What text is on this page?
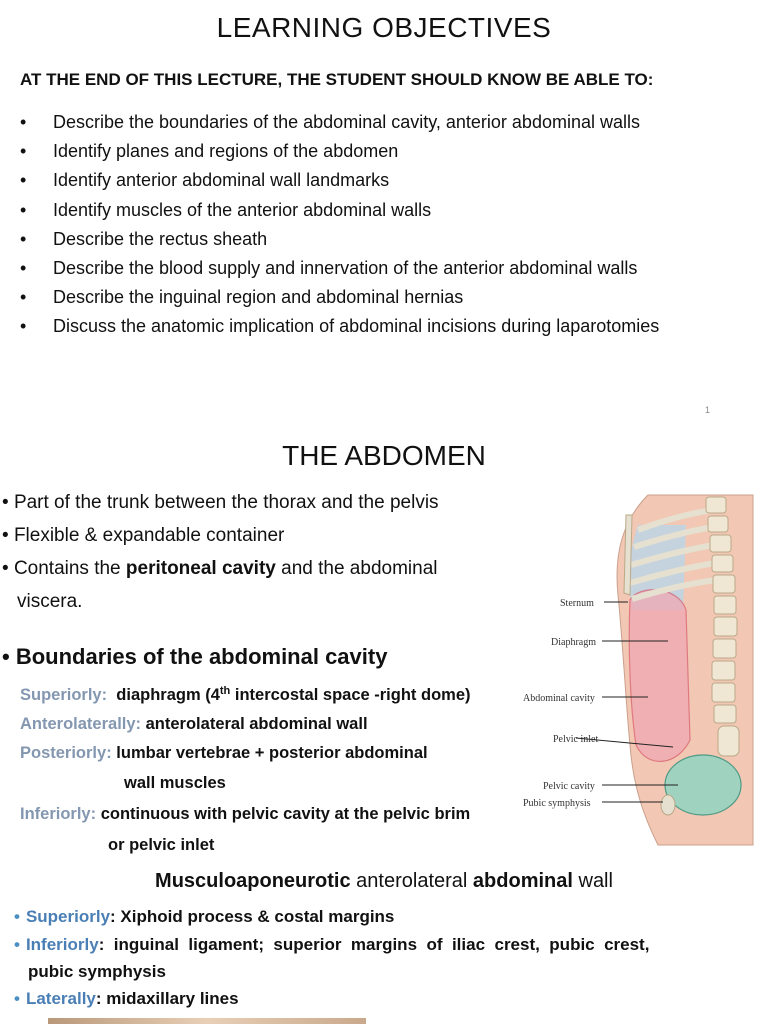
LEARNING OBJECTIVES
AT THE END OF THIS LECTURE, THE STUDENT SHOULD KNOW BE ABLE TO:
• Describe the boundaries of the abdominal cavity, anterior abdominal walls
• Identify planes and regions of the abdomen
• Identify anterior abdominal wall landmarks
• Identify muscles of the anterior abdominal walls
• Describe the rectus sheath
• Describe the blood supply and innervation of the anterior abdominal walls
• Describe the inguinal region and abdominal hernias
• Discuss the anatomic implication of abdominal incisions during laparotomies
1
THE ABDOMEN
• Part of the trunk between the thorax and the pelvis
• Flexible & expandable container
• Contains the peritoneal cavity and the abdominal
viscera.
• Boundaries of the abdominal cavity
Superiorly: diaphragm (4th intercostal space -right dome)
Anterolaterally: anterolateral abdominal wall
Posteriorly: lumbar vertebrae + posterior abdominal
wall muscles
Inferiorly: continuous with pelvic cavity at the pelvic brim
or pelvic inlet
Musculoaponeurotic anterolateral abdominal wall
• Superiorly: Xiphoid process & costal margins
• Inferiorly:  inguinal  ligament;  superior  margins  of  iliac  crest,  pubic  crest,
pubic symphysis
• Laterally: midaxillary lines
Sternum
Diaphragm
Abdominal cavity
Pelvic inlet
Pelvic cavity
Pubic symphysis
